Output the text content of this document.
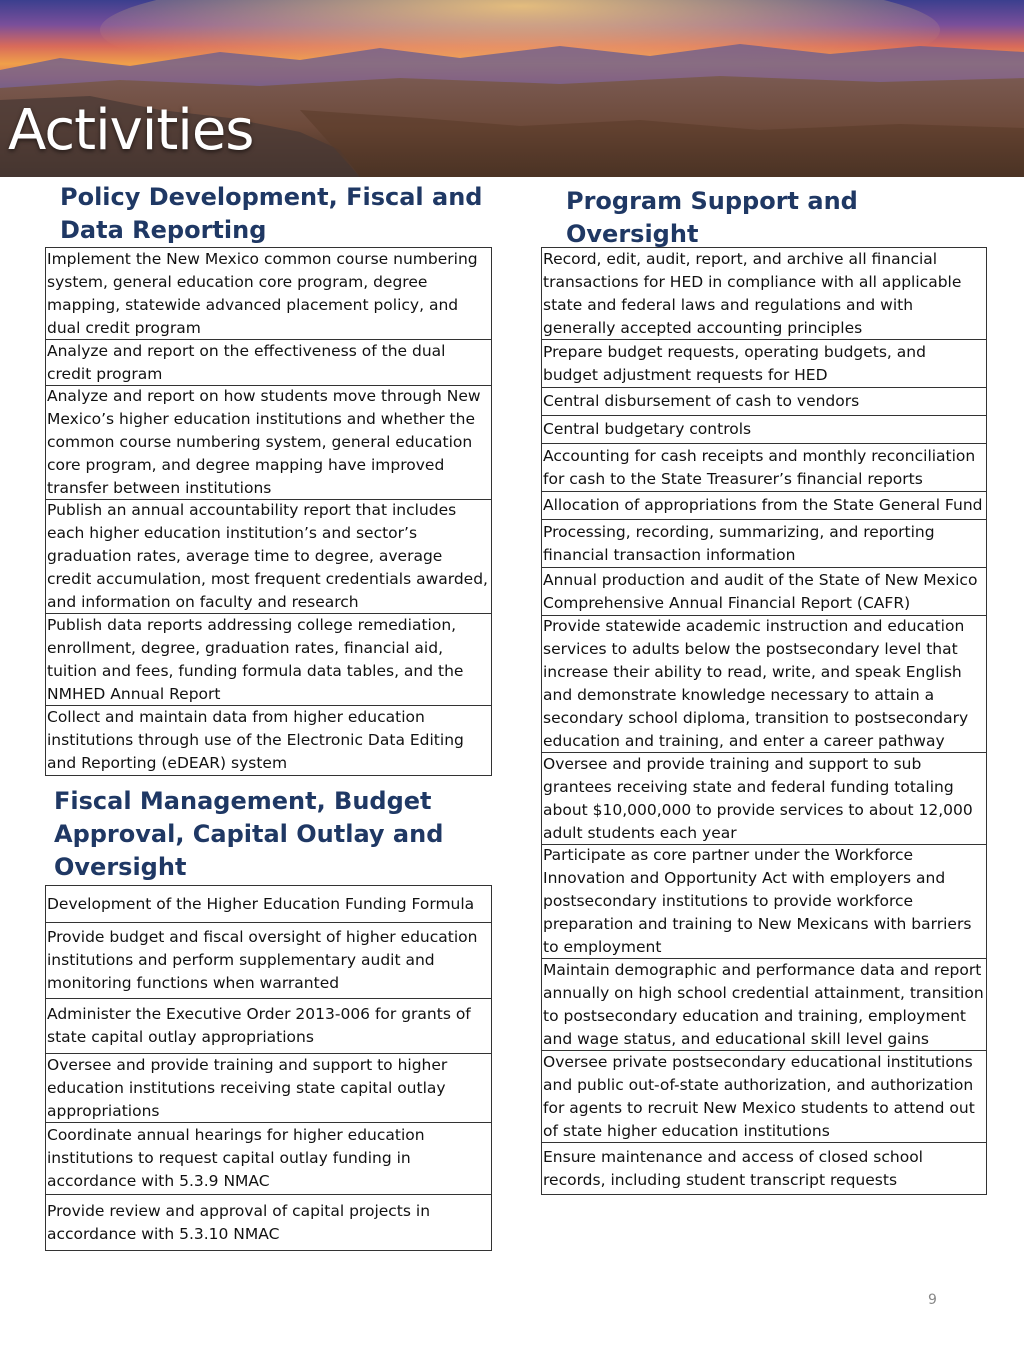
Activities
Policy Development, Fiscal and Data Reporting
Implement the New Mexico common course numbering system, general education core program, degree mapping, statewide advanced placement policy, and dual credit program
Analyze and report on the effectiveness of the dual credit program
Analyze and report on how students move through New Mexico’s higher education institutions and whether the common course numbering system, general education core program, and degree mapping have improved transfer between institutions
Publish an annual accountability report that includes each higher education institution’s and sector’s graduation rates, average time to degree, average credit accumulation, most frequent credentials awarded, and information on faculty and research
Publish data reports addressing college remediation, enrollment, degree, graduation rates, financial aid, tuition and fees, funding formula data tables, and the NMHED Annual Report
Collect and maintain data from higher education institutions through use of the Electronic Data Editing and Reporting (eDEAR) system
Fiscal Management, Budget Approval, Capital Outlay and Oversight
Development of the Higher Education Funding Formula
Provide budget and fiscal oversight of higher education institutions and perform supplementary audit and monitoring functions when warranted
Administer the Executive Order 2013-006 for grants of state capital outlay appropriations
Oversee and provide training and support to higher education institutions receiving state capital outlay appropriations
Coordinate annual hearings for higher education institutions to request capital outlay funding in accordance with 5.3.9 NMAC
Provide review and approval of capital projects in accordance with 5.3.10 NMAC
Program Support and Oversight
Record, edit, audit, report, and archive all financial transactions for HED in compliance with all applicable state and federal laws and regulations and with generally accepted accounting principles
Prepare budget requests, operating budgets, and budget adjustment requests for HED
Central disbursement of cash to vendors
Central budgetary controls
Accounting for cash receipts and monthly reconciliation for cash to the State Treasurer’s financial reports
Allocation of appropriations from the State General Fund
Processing, recording, summarizing, and reporting financial transaction information
Annual production and audit of the State of New Mexico Comprehensive Annual Financial Report (CAFR)
Provide statewide academic instruction and education services to adults below the postsecondary level that increase their ability to read, write, and speak English and demonstrate knowledge necessary to attain a secondary school diploma, transition to postsecondary education and training, and enter a career pathway
Oversee and provide training and support to sub grantees receiving state and federal funding totaling about $10,000,000 to provide services to about 12,000 adult students each year
Participate as core partner under the Workforce Innovation and Opportunity Act with employers and postsecondary institutions to provide workforce preparation and training to New Mexicans with barriers to employment
Maintain demographic and performance data and report annually on high school credential attainment, transition to postsecondary education and training, employment and wage status, and educational skill level gains
Oversee private postsecondary educational institutions and public out-of-state authorization, and authorization for agents to recruit New Mexico students to attend out of state higher education institutions
Ensure maintenance and access of closed school records, including student transcript requests
9
